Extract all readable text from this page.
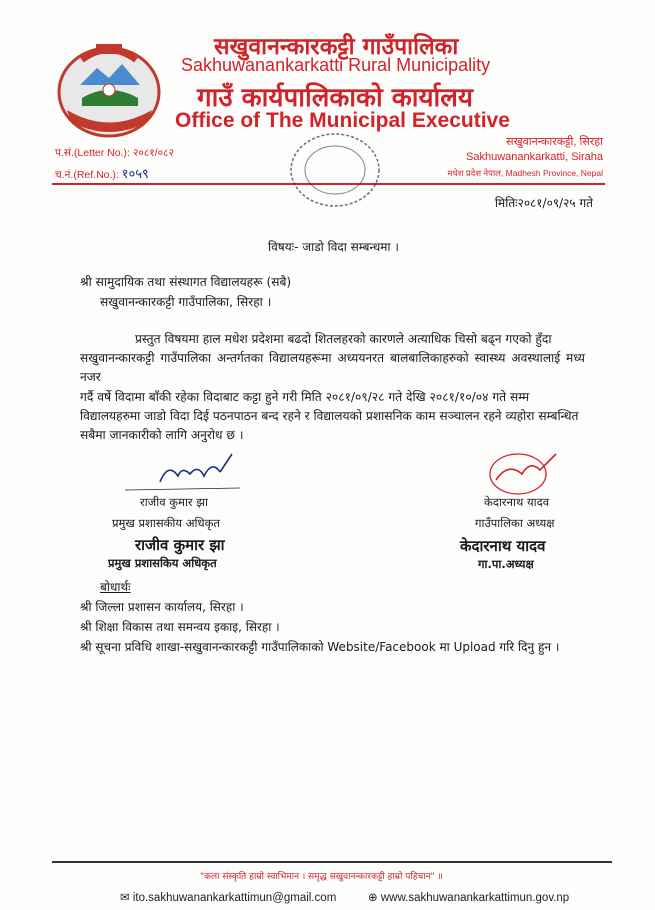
सखुवानन्कारकट्टी गाउँपालिका
Sakhuwanankarkatti Rural Municipality
गाउँ कार्यपालिकाको कार्यालय
Office of The Municipal Executive
प.सं.(Letter No.): २०८१/०८२
च.नं.(Ref.No.): १०५९
सखुवानन्कारकट्टी, सिरहा
Sakhuwanankarkatti, Siraha
मधेश प्रदेश नेपाल, Madhesh Province, Nepal
मितिः२०८१/०९/२५ गते
विषयः- जाडो विदा सम्बन्धमा ।
श्री सामुदायिक तथा संस्थागत विद्यालयहरू (सबै)
सखुवानन्कारकट्टी गाउँपालिका, सिरहा ।
प्रस्तुत विषयमा हाल मधेश प्रदेशमा बढदो शितलहरको कारणले अत्याधिक चिसो बढ्न गएको हुँदा
सखुवानन्कारकट्टी गाउँपालिका अन्तर्गतका विद्यालयहरूमा अध्ययनरत बालबालिकाहरुको स्वास्थ्य अवस्थालाई मध्य नजर
गर्दै वर्षे विदामा बाँकी रहेका विदाबाट कट्टा हुने गरी मिति २०८१/०९/२८ गते देखि २०८१/१०/०४ गते सम्म
विद्यालयहरुमा जाडो विदा दिई पठनपाठन बन्द रहने र विद्यालयको प्रशासनिक काम सञ्चालन रहने व्यहोरा सम्बन्धित
सबैमा जानकारीको लागि अनुरोध छ ।
राजीव कुमार झा
प्रमुख प्रशासकीय अधिकृत
राजीव कुमार झा
प्रमुख प्रशासकिय अधिकृत
केदारनाथ यादव
गाउँपालिका अध्यक्ष
केदारनाथ यादव
गा.पा.अध्यक्ष
बोधार्थः
श्री जिल्ला प्रशासन कार्यालय, सिरहा ।
श्री शिक्षा विकास तथा समन्वय इकाइ, सिरहा ।
श्री सूचना प्रविधि शाखा-सखुवानन्कारकट्टी गाउँपालिकाको Website/Facebook मा Upload गरि दिनु हुन ।
"कला संस्कृति हाम्रो स्वाभिमान । समृद्ध सखुवानन्कारकट्टी हाम्रो पहिचान" ॥
✉ ito.sakhuwanankarkattimun@gmail.com	⊕ www.sakhuwanankarkattimun.gov.np
